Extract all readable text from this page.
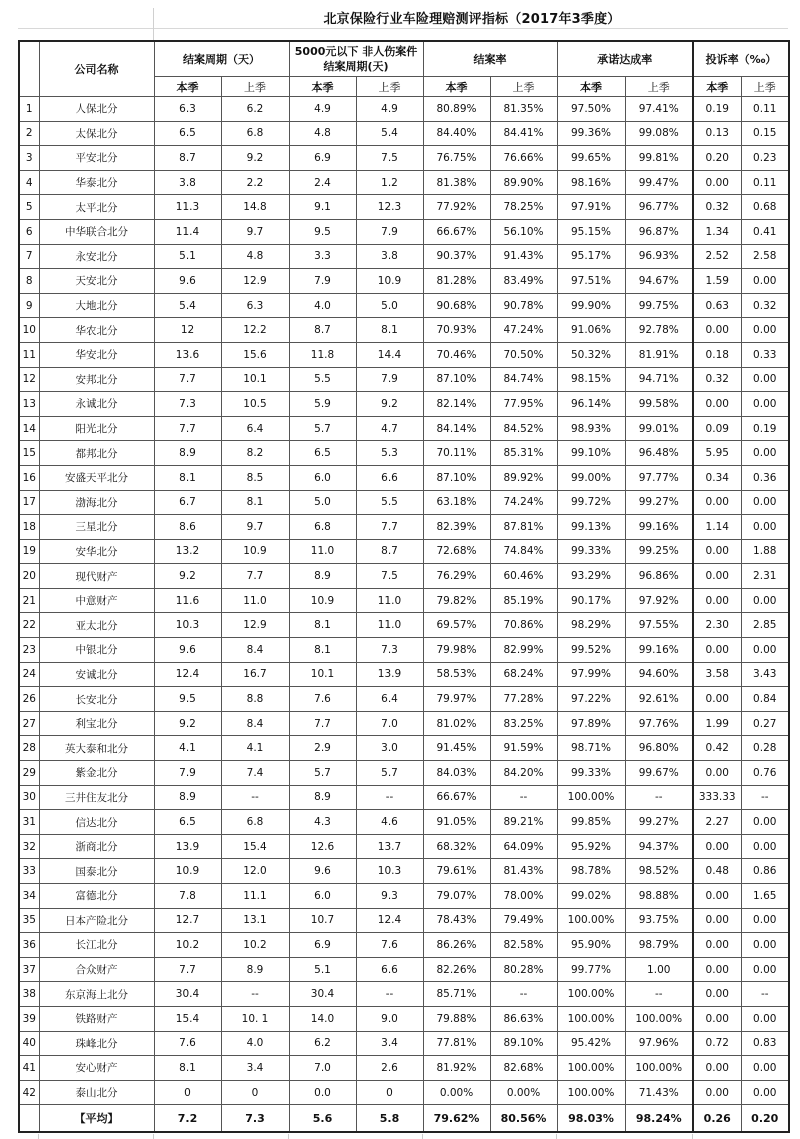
北京保险行业车险理赔测评指标（2017年3季度）
	公司名称	结案周期（天）		5000元以下 非人伤案件结案周期(天)		结案率		承诺达成率		投诉率（‰）	
		本季	上季	本季	上季	本季	上季	本季	上季	本季	上季
1	人保北分	6.3	6.2	4.9	4.9	80.89%	81.35%	97.50%	97.41%	0.19	0.11
2	太保北分	6.5	6.8	4.8	5.4	84.40%	84.41%	99.36%	99.08%	0.13	0.15
3	平安北分	8.7	9.2	6.9	7.5	76.75%	76.66%	99.65%	99.81%	0.20	0.23
4	华泰北分	3.8	2.2	2.4	1.2	81.38%	89.90%	98.16%	99.47%	0.00	0.11
5	太平北分	11.3	14.8	9.1	12.3	77.92%	78.25%	97.91%	96.77%	0.32	0.68
6	中华联合北分	11.4	9.7	9.5	7.9	66.67%	56.10%	95.15%	96.87%	1.34	0.41
7	永安北分	5.1	4.8	3.3	3.8	90.37%	91.43%	95.17%	96.93%	2.52	2.58
8	天安北分	9.6	12.9	7.9	10.9	81.28%	83.49%	97.51%	94.67%	1.59	0.00
9	大地北分	5.4	6.3	4.0	5.0	90.68%	90.78%	99.90%	99.75%	0.63	0.32
10	华农北分	12	12.2	8.7	8.1	70.93%	47.24%	91.06%	92.78%	0.00	0.00
11	华安北分	13.6	15.6	11.8	14.4	70.46%	70.50%	50.32%	81.91%	0.18	0.33
12	安邦北分	7.7	10.1	5.5	7.9	87.10%	84.74%	98.15%	94.71%	0.32	0.00
13	永诚北分	7.3	10.5	5.9	9.2	82.14%	77.95%	96.14%	99.58%	0.00	0.00
14	阳光北分	7.7	6.4	5.7	4.7	84.14%	84.52%	98.93%	99.01%	0.09	0.19
15	都邦北分	8.9	8.2	6.5	5.3	70.11%	85.31%	99.10%	96.48%	5.95	0.00
16	安盛天平北分	8.1	8.5	6.0	6.6	87.10%	89.92%	99.00%	97.77%	0.34	0.36
17	渤海北分	6.7	8.1	5.0	5.5	63.18%	74.24%	99.72%	99.27%	0.00	0.00
18	三星北分	8.6	9.7	6.8	7.7	82.39%	87.81%	99.13%	99.16%	1.14	0.00
19	安华北分	13.2	10.9	11.0	8.7	72.68%	74.84%	99.33%	99.25%	0.00	1.88
20	现代财产	9.2	7.7	8.9	7.5	76.29%	60.46%	93.29%	96.86%	0.00	2.31
21	中意财产	11.6	11.0	10.9	11.0	79.82%	85.19%	90.17%	97.92%	0.00	0.00
22	亚太北分	10.3	12.9	8.1	11.0	69.57%	70.86%	98.29%	97.55%	2.30	2.85
23	中银北分	9.6	8.4	8.1	7.3	79.98%	82.99%	99.52%	99.16%	0.00	0.00
24	安诚北分	12.4	16.7	10.1	13.9	58.53%	68.24%	97.99%	94.60%	3.58	3.43
26	长安北分	9.5	8.8	7.6	6.4	79.97%	77.28%	97.22%	92.61%	0.00	0.84
27	利宝北分	9.2	8.4	7.7	7.0	81.02%	83.25%	97.89%	97.76%	1.99	0.27
28	英大泰和北分	4.1	4.1	2.9	3.0	91.45%	91.59%	98.71%	96.80%	0.42	0.28
29	紫金北分	7.9	7.4	5.7	5.7	84.03%	84.20%	99.33%	99.67%	0.00	0.76
30	三井住友北分	8.9	--	8.9	--	66.67%	--	100.00%	--	333.33	--
31	信达北分	6.5	6.8	4.3	4.6	91.05%	89.21%	99.85%	99.27%	2.27	0.00
32	浙商北分	13.9	15.4	12.6	13.7	68.32%	64.09%	95.92%	94.37%	0.00	0.00
33	国泰北分	10.9	12.0	9.6	10.3	79.61%	81.43%	98.78%	98.52%	0.48	0.86
34	富德北分	7.8	11.1	6.0	9.3	79.07%	78.00%	99.02%	98.88%	0.00	1.65
35	日本产险北分	12.7	13.1	10.7	12.4	78.43%	79.49%	100.00%	93.75%	0.00	0.00
36	长江北分	10.2	10.2	6.9	7.6	86.26%	82.58%	95.90%	98.79%	0.00	0.00
37	合众财产	7.7	8.9	5.1	6.6	82.26%	80.28%	99.77%	1.00	0.00	0.00
38	东京海上北分	30.4	--	30.4	--	85.71%	--	100.00%	--	0.00	--
39	铁路财产	15.4	10. 1	14.0	9.0	79.88%	86.63%	100.00%	100.00%	0.00	0.00
40	珠峰北分	7.6	4.0	6.2	3.4	77.81%	89.10%	95.42%	97.96%	0.72	0.83
41	安心财产	8.1	3.4	7.0	2.6	81.92%	82.68%	100.00%	100.00%	0.00	0.00
42	泰山北分	0	0	0.0	0	0.00%	0.00%	100.00%	71.43%	0.00	0.00
	【平均】	7.2	7.3	5.6	5.8	79.62%	80.56%	98.03%	98.24%	0.26	0.20
